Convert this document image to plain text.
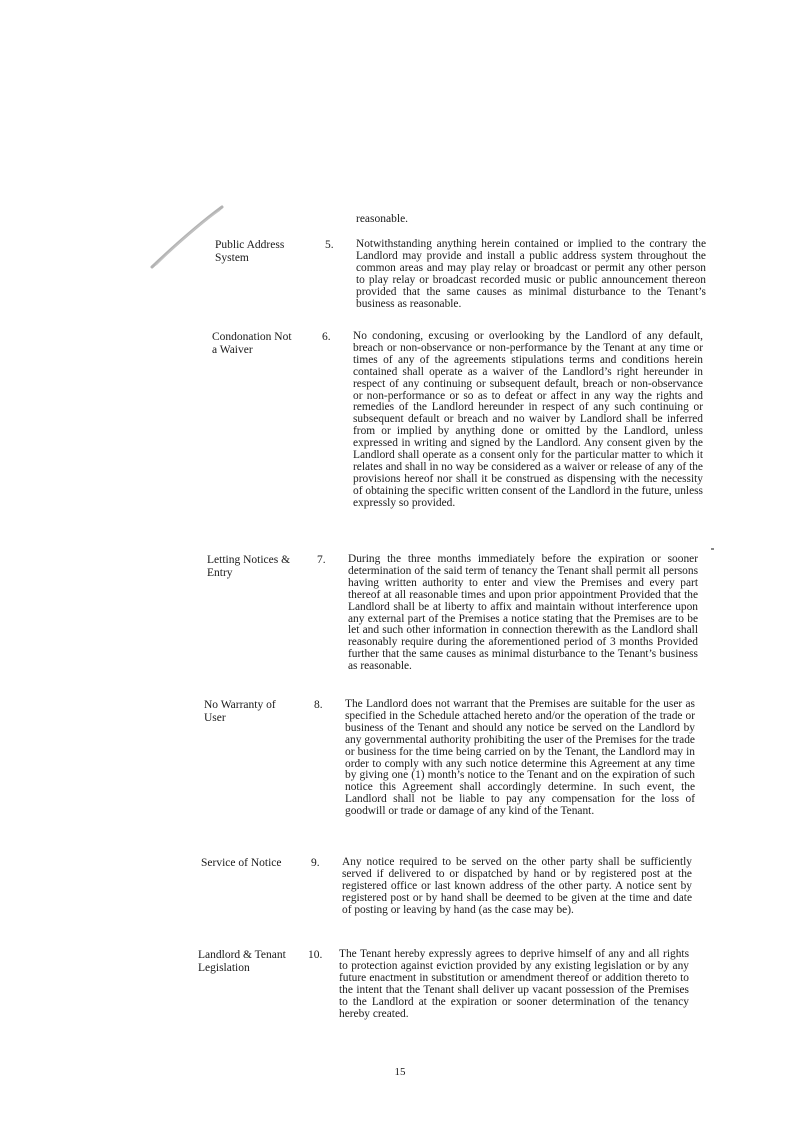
reasonable.
Public Address System
5. Notwithstanding anything herein contained or implied to the contrary the Landlord may provide and install a public address system throughout the common areas and may play relay or broadcast or permit any other person to play relay or broadcast recorded music or public announcement thereon provided that the same causes as minimal disturbance to the Tenant’s business as reasonable.
Condonation Not a Waiver
6. No condoning, excusing or overlooking by the Landlord of any default, breach or non-observance or non-performance by the Tenant at any time or times of any of the agreements stipulations terms and conditions herein contained shall operate as a waiver of the Landlord’s right hereunder in respect of any continuing or subsequent default, breach or non-observance or non-performance or so as to defeat or affect in any way the rights and remedies of the Landlord hereunder in respect of any such continuing or subsequent default or breach and no waiver by Landlord shall be inferred from or implied by anything done or omitted by the Landlord, unless expressed in writing and signed by the Landlord. Any consent given by the Landlord shall operate as a consent only for the particular matter to which it relates and shall in no way be considered as a waiver or release of any of the provisions hereof nor shall it be construed as dispensing with the necessity of obtaining the specific written consent of the Landlord in the future, unless expressly so provided.
Letting Notices & Entry
7. During the three months immediately before the expiration or sooner determination of the said term of tenancy the Tenant shall permit all persons having written authority to enter and view the Premises and every part thereof at all reasonable times and upon prior appointment Provided that the Landlord shall be at liberty to affix and maintain without interference upon any external part of the Premises a notice stating that the Premises are to be let and such other information in connection therewith as the Landlord shall reasonably require during the aforementioned period of 3 months Provided further that the same causes as minimal disturbance to the Tenant’s business as reasonable.
No Warranty of User
8. The Landlord does not warrant that the Premises are suitable for the user as specified in the Schedule attached hereto and/or the operation of the trade or business of the Tenant and should any notice be served on the Landlord by any governmental authority prohibiting the user of the Premises for the trade or business for the time being carried on by the Tenant, the Landlord may in order to comply with any such notice determine this Agreement at any time by giving one (1) month’s notice to the Tenant and on the expiration of such notice this Agreement shall accordingly determine. In such event, the Landlord shall not be liable to pay any compensation for the loss of goodwill or trade or damage of any kind of the Tenant.
Service of Notice	9. Any notice required to be served on the other party shall be sufficiently served if delivered to or dispatched by hand or by registered post at the registered office or last known address of the other party. A notice sent by registered post or by hand shall be deemed to be given at the time and date of posting or leaving by hand (as the case may be).
Landlord & Tenant Legislation
10. The Tenant hereby expressly agrees to deprive himself of any and all rights to protection against eviction provided by any existing legislation or by any future enactment in substitution or amendment thereof or addition thereto to the intent that the Tenant shall deliver up vacant possession of the Premises to the Landlord at the expiration or sooner determination of the tenancy hereby created.
15
